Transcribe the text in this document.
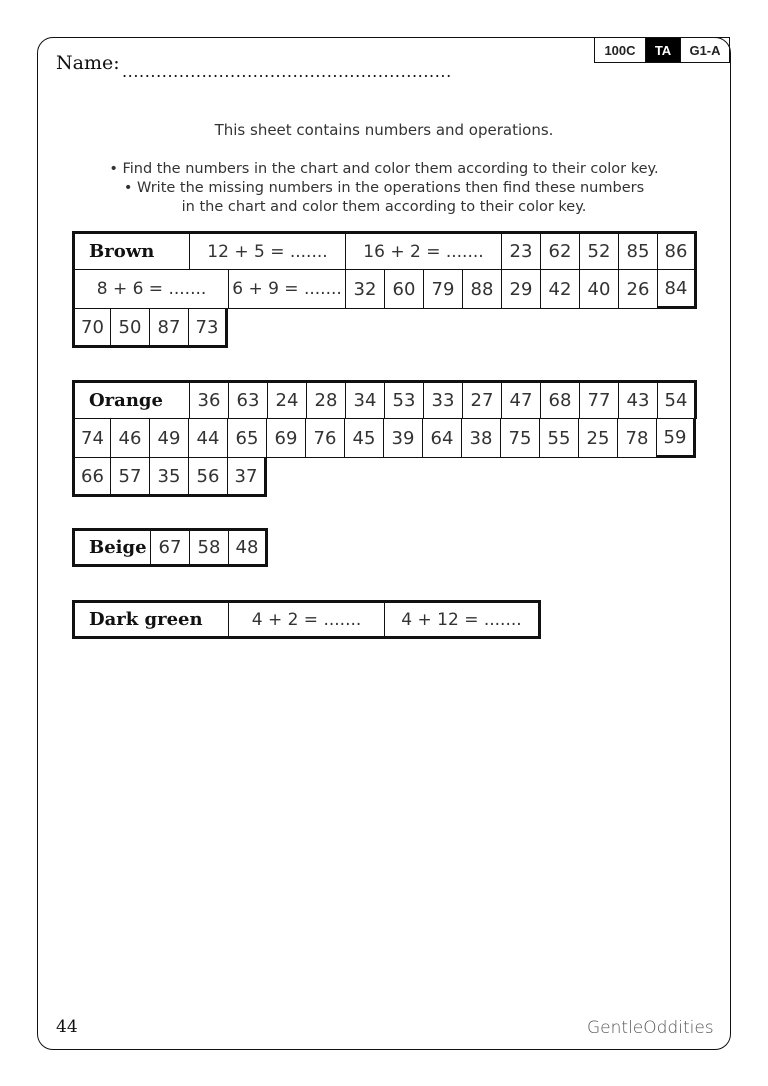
100C	TA	G1-A
Name: ..........................................................
This sheet contains numbers and operations.
• Find the numbers in the chart and color them according to their color key.
• Write the missing numbers in the operations then find these numbers
in the chart and color them according to their color key.
Brown	12 + 5 = .......	16 + 2 = .......	23 62 52 85 86
8 + 6 = .......	6 + 9 = ....... 32 60 79 88 29 42 40 26 84
70 50 87 73
Orange	36 63 24 28 34 53 33 27 47 68 77 43 54
74 46 49 44 65 69 76 45 39 64 38 75 55 25 78 59
66 57 35 56 37
Beige 67 58 48
Dark green	4 + 2 = .......	4 + 12 = .......
44	GentleOddities
